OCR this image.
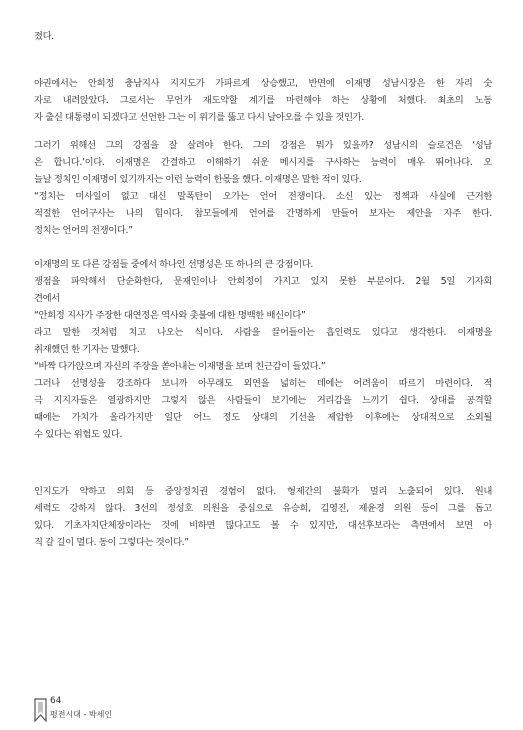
졌다.
야권에서는 안희정 충남지사 지지도가 가파르게 상승했고, 반면에 이재명 성남시장은 한 자리 숫
자로 내려앉았다. 그로서는 무언가 재도약할 계기를 마련해야 하는 상황에 처했다. 최초의 노동
자 출신 대통령이 되겠다고 선언한 그는 이 위기를 뚫고 다시 날아오를 수 있을 것인가.
그러기 위해선 그의 강점을 잘 살려야 한다. 그의 강점은 뭐가 있을까? 성남시의 슬로건은 ‘성남
은 합니다.’이다. 이재명은 간결하고 이해하기 쉬운 메시지를 구사하는 능력이 매우 뛰어나다. 오
늘날 정치인 이재명이 있기까지는 이런 능력이 한몫을 했다. 이재명은 말한 적이 있다.
“정치는 미사일이 없고 대신 말폭탄이 오가는 언어 전쟁이다. 소신 있는 정책과 사실에 근거한
적절한 언어구사는 나의 힘이다. 참모들에게 언어를 간명하게 만들어 보자는 제안을 자주 한다.
정치는 언어의 전쟁이다.”
이재명의 또 다른 강점들 중에서 하나인 선명성은 또 하나의 큰 강점이다.
쟁점을 파악해서 단순화한다, 문재인이나 안희정이 가지고 있지 못한 부분이다. 2월 5일 기자회
견에서
“안희정 지사가 주장한 대연정은 역사와 촛불에 대한 명백한 배신이다”
라고 말한 것처럼 치고 나오는 식이다. 사람을 끌어들이는 흡인력도 있다고 생각한다. 이재명을
취재했던 한 기자는 말했다.
“바짝 다가앉으며 자신의 주장을 쏟아내는 이재명을 보며 친근감이 들었다.”
그러나 선명성을 강조하다 보니까 아무래도 외연을 넓히는 데에는 어려움이 따르기 마련이다. 적
극 지지자들은 열광하지만 그렇지 않은 사람들이 보기에는 거리감을 느끼기 쉽다. 상대를 공격할
때에는 가치가 올라가지만 일단 어느 정도 상대의 기선을 제압한 이후에는 상대적으로 소외될
수 있다는 위험도 있다.
인지도가 약하고 의회 등 중앙정치권 경험이 없다. 형제간의 불화가 멀리 노출되어 있다. 원내
세력도 강하지 않다. 3선의 정성호 의원을 중심으로 유승희, 김영진, 제윤경 의원 등이 그를 돕고
있다. 기초자치단체장이라는 것에 비하면 많다고도 볼 수 있지만, 대선후보라는 측면에서 보면 아
직 갈 길이 멀다. 동이 그렇다는 것이다.”
64
평전시대 - 박세인
